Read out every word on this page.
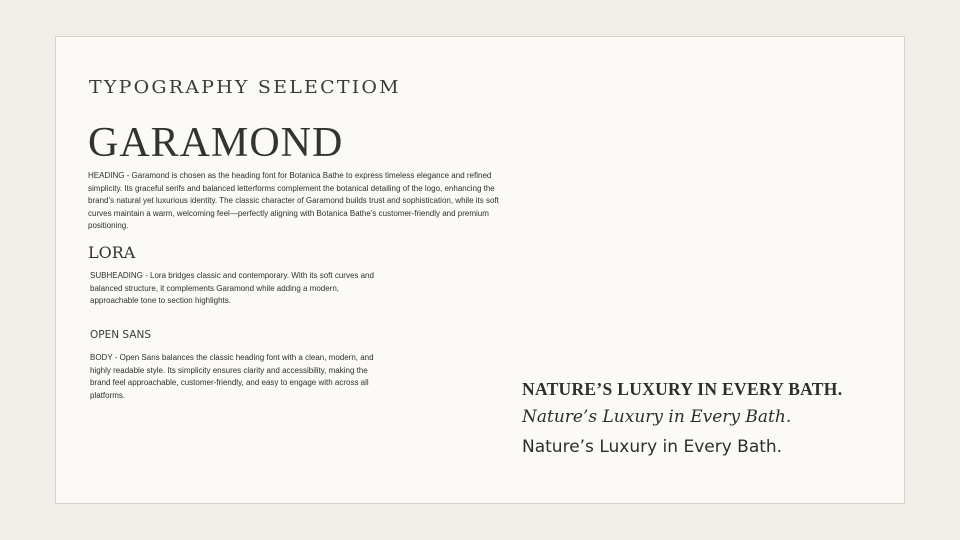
TYPOGRAPHY SELECTIOM
GARAMOND
HEADING - Garamond is chosen as the heading font for Botanica Bathe to express timeless elegance and refined simplicity. Its graceful serifs and balanced letterforms complement the botanical detailing of the logo, enhancing the brand’s natural yet luxurious identity. The classic character of Garamond builds trust and sophistication, while its soft curves maintain a warm, welcoming feel—perfectly aligning with Botanica Bathe’s customer-friendly and premium positioning.
LORA
SUBHEADING - Lora bridges classic and contemporary. With its soft curves and balanced structure, it complements Garamond while adding a modern, approachable tone to section highlights.
OPEN SANS
BODY - Open Sans balances the classic heading font with a clean, modern, and highly readable style. Its simplicity ensures clarity and accessibility, making the brand feel approachable, customer-friendly, and easy to engage with across all platforms.	NATURE’S LUXURY IN EVERY BATH.
Nature’s Luxury in Every Bath.
Nature’s Luxury in Every Bath.
